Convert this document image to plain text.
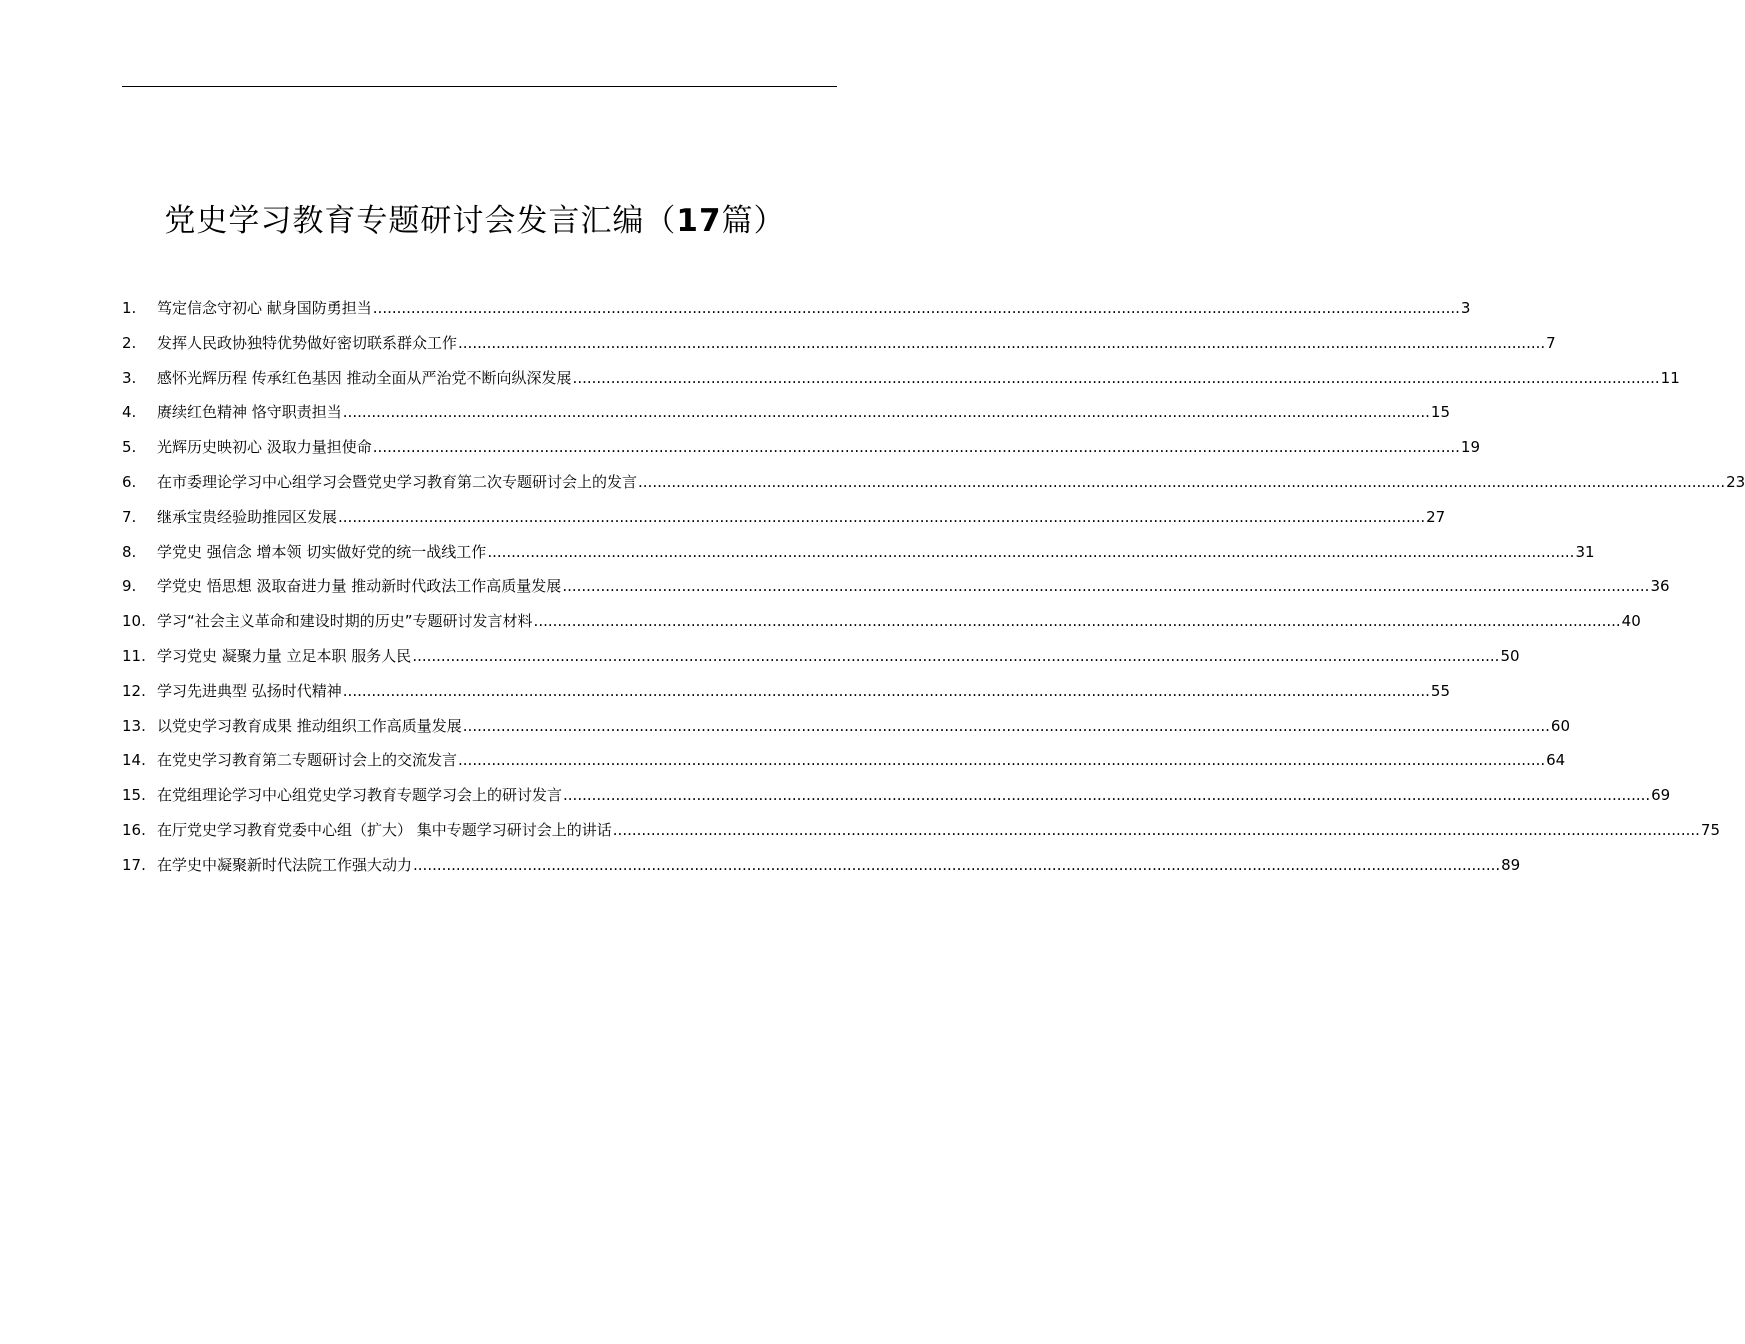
党史学习教育专题研讨会发言汇编（17篇）
1.	笃定信念守初心 献身国防勇担当 .....	3
2.	发挥人民政协独特优势做好密切联系群众工作 .....	7
3.	感怀光辉历程 传承红色基因 推动全面从严治党不断向纵深发展 .....	11
4.	赓续红色精神 恪守职责担当 .....	15
5.	光辉历史映初心 汲取力量担使命 .....	19
6.	在市委理论学习中心组学习会暨党史学习教育第二次专题研讨会上的发言 .....	23
7.	继承宝贵经验助推园区发展 .....	27
8.	学党史 强信念 增本领 切实做好党的统一战线工作 .....	31
9.	学党史 悟思想 汲取奋进力量 推动新时代政法工作高质量发展 .....	36
10. 学习“社会主义革命和建设时期的历史”专题研讨发言材料 .....	40
11. 学习党史 凝聚力量 立足本职 服务人民 .....	50
12. 学习先进典型 弘扬时代精神 .....	55
13. 以党史学习教育成果 推动组织工作高质量发展 .....	60
14. 在党史学习教育第二专题研讨会上的交流发言 .....	64
15. 在党组理论学习中心组党史学习教育专题学习会上的研讨发言 .....	69
16. 在厅党史学习教育党委中心组（扩大） 集中专题学习研讨会上的讲话 .....	75
17. 在学史中凝聚新时代法院工作强大动力 .....	89
